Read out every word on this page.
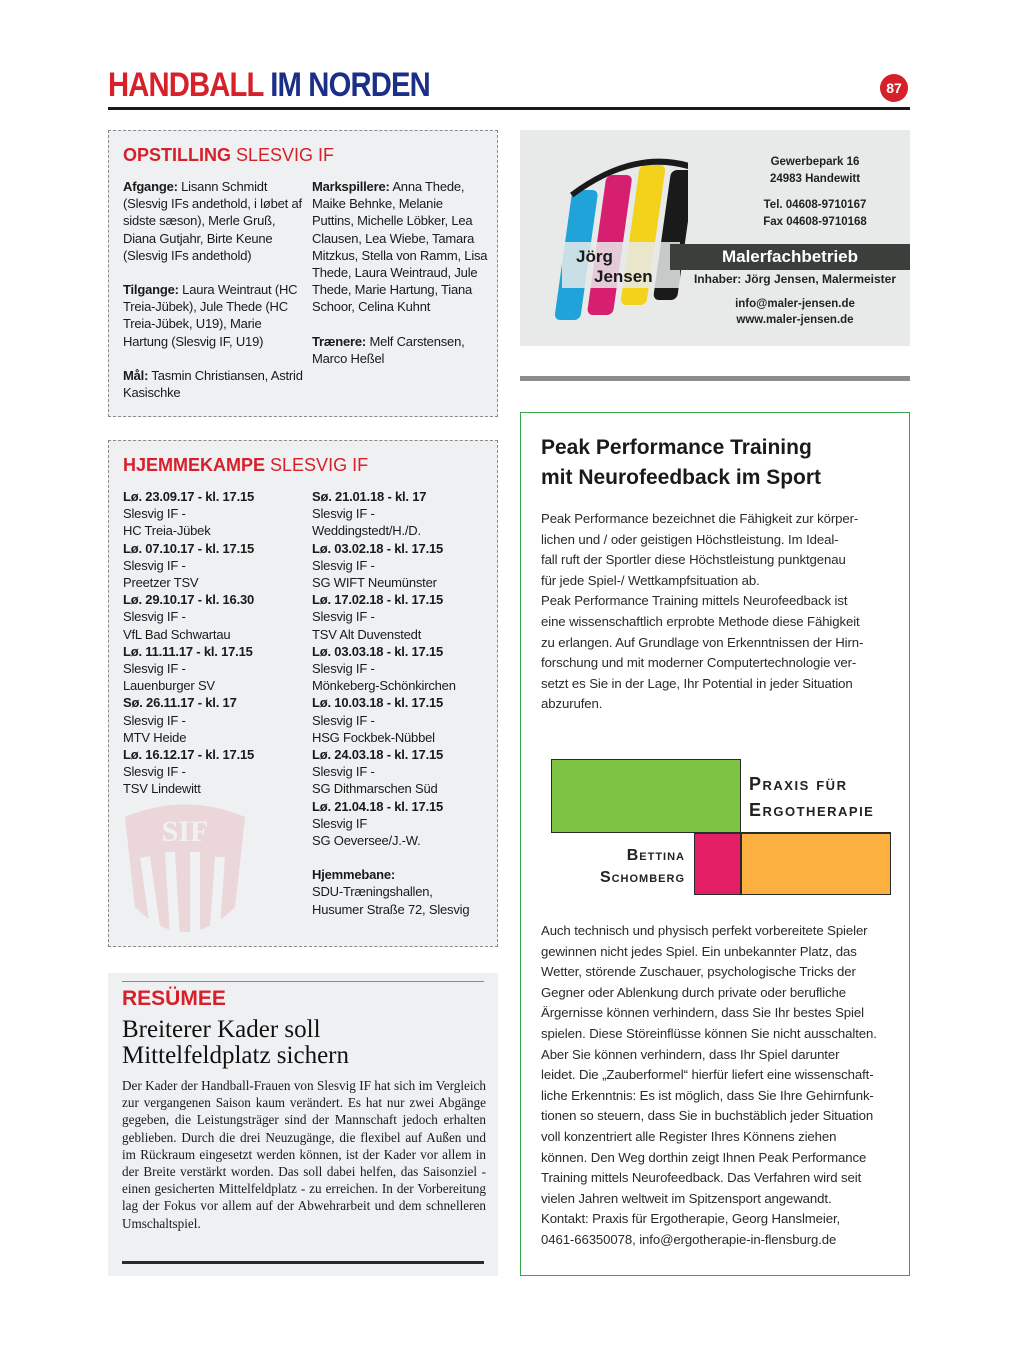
HANDBALL IM NORDEN	87
OPSTILLING SLESVIG IF

Afgange: Lisann Schmidt (Slesvig IFs andethold, i løbet af sidste sæson), Merle Gruß, Diana Gutjahr, Birte Keune (Slesvig IFs andethold)

Tilgange: Laura Weintraut (HC Treia-Jübek), Jule Thede (HC Treia-Jübek, U19), Marie Hartung (Slesvig IF, U19)

Mål: Tasmin Christiansen, Astrid Kasischke

Markspillere: Anna Thede, Maike Behnke, Melanie Puttins, Michelle Löbker, Lea Clausen, Lea Wiebe, Tamara Mitzkus, Stella von Ramm, Lisa Thede, Laura Weintraud, Jule Thede, Marie Hartung, Tiana Schoor, Celina Kuhnt

Trænere: Melf Carstensen, Marco Heßel

SIF
HJEMMEKAMPE SLESVIG IF
Lø. 23.09.17 - kl. 17.15
Slesvig IF -
HC Treia-Jübek
Lø. 07.10.17 - kl. 17.15
Slesvig IF -
Preetzer TSV
Lø. 29.10.17 - kl. 16.30
Slesvig IF -
VfL Bad Schwartau
Lø. 11.11.17 - kl. 17.15
Slesvig IF -
Lauenburger SV
Sø. 26.11.17 - kl. 17
Slesvig IF -
MTV Heide
Lø. 16.12.17 - kl. 17.15
Slesvig IF -
TSV Lindewitt
Sø. 21.01.18 - kl. 17
Slesvig IF -
Weddingstedt/H./D.
Lø. 03.02.18 - kl. 17.15
Slesvig IF -
SG WIFT Neumünster
Lø. 17.02.18 - kl. 17.15
Slesvig IF -
TSV Alt Duvenstedt
Lø. 03.03.18 - kl. 17.15
Slesvig IF -
Mönkeberg-Schönkirchen
Lø. 10.03.18 - kl. 17.15
Slesvig IF -
HSG Fockbek-Nübbel
Lø. 24.03.18 - kl. 17.15
Slesvig IF -
SG Dithmarschen Süd
Lø. 21.04.18 - kl. 17.15
Slesvig IF
SG Oeversee/J.-W.
Hjemmebane:
SDU-Træningshallen,
Husumer Straße 72, Slesvig
RESÜMEE
Breiterer Kader soll
Mittelfeldplatz sichern
Der Kader der Handball-Frauen von Slesvig IF hat sich im Vergleich zur vergangenen Saison kaum verändert. Es hat nur zwei Abgänge gegeben, die Leistungsträger sind der Mannschaft jedoch erhalten geblieben. Durch die drei Neuzugänge, die flexibel auf Außen und im Rückraum eingesetzt werden können, ist der Kader vor allem in der Breite verstärkt worden. Das soll dabei helfen, das Saisonziel - einen gesicherten Mittelfeldplatz - zu erreichen. In der Vorbereitung lag der Fokus vor allem auf der Abwehrarbeit und dem schnelleren Umschaltspiel.
Jörg
Jensen
Gewerbepark 16
24983 Handewitt
Tel. 04608-9710167
Fax 04608-9710168
Malerfachbetrieb
Inhaber: Jörg Jensen, Malermeister
info@maler-jensen.de
www.maler-jensen.de
Peak Performance Training
mit Neurofeedback im Sport

Peak Performance bezeichnet die Fähigkeit zur körper-

lichen und / oder geistigen Höchstleistung. Im Ideal-

fall ruft der Sportler diese Höchstleistung punktgenau

für jede Spiel-/ Wettkampfsituation ab.

Peak Performance Training mittels Neurofeedback ist

eine wissenschaftlich erprobte Methode diese Fähigkeit

zu erlangen. Auf Grundlage von Erkenntnissen der Hirn-

forschung und mit moderner Computertechnologie ver-

setzt es Sie in der Lage, Ihr Potential in jeder Situation

abzurufen.

Praxis für
Ergotherapie
Bettina
Schomberg

Auch technisch und physisch perfekt vorbereitete Spieler

gewinnen nicht jedes Spiel. Ein unbekannter Platz, das

Wetter, störende Zuschauer, psychologische Tricks der

Gegner oder Ablenkung durch private oder berufliche

Ärgernisse können verhindern, dass Sie Ihr bestes Spiel

spielen. Diese Störeinflüsse können Sie nicht ausschalten.

Aber Sie können verhindern, dass Ihr Spiel darunter

leidet. Die „Zauberformel“ hierfür liefert eine wissenschaft-

liche Erkenntnis: Es ist möglich, dass Sie Ihre Gehirnfunk-

tionen so steuern, dass Sie in buchstäblich jeder Situation

voll konzentriert alle Register Ihres Könnens ziehen

können. Den Weg dorthin zeigt Ihnen Peak Performance

Training mittels Neurofeedback. Das Verfahren wird seit

vielen Jahren weltweit im Spitzensport angewandt.

Kontakt: Praxis für Ergotherapie, Georg Hanslmeier,

0461-66350078, info@ergotherapie-in-flensburg.de
